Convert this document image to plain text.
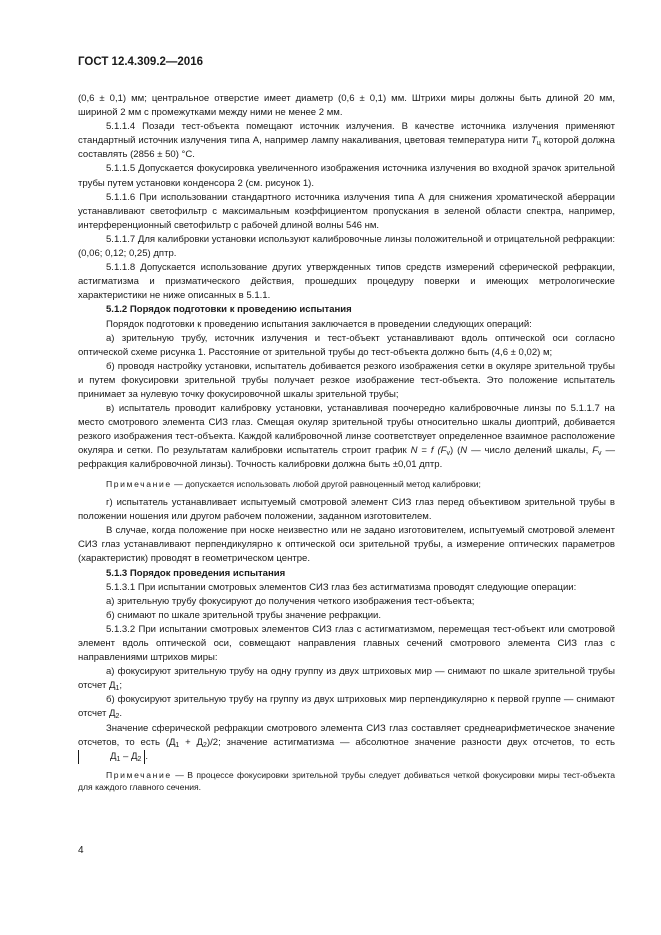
ГОСТ 12.4.309.2—2016

(0,6 ± 0,1) мм; центральное отверстие имеет диаметр (0,6 ± 0,1) мм. Штрихи миры должны быть длиной 20 мм, шириной 2 мм с промежутками между ними не менее 2 мм.

5.1.1.4 Позади тест-объекта помещают источник излучения. В качестве источника излучения применяют стандартный источник излучения типа А, например лампу накаливания, цветовая температура нити $T_ц$ которой должна составлять (2856 ± 50) °С.

5.1.1.5 Допускается фокусировка увеличенного изображения источника излучения во входной зрачок зрительной трубы путем установки конденсора 2 (см. рисунок 1).

5.1.1.6 При использовании стандартного источника излучения типа А для снижения хроматической аберрации устанавливают светофильтр с максимальным коэффициентом пропускания в зеленой области спектра, например, интерференционный светофильтр с рабочей длиной волны 546 нм.

5.1.1.7 Для калибровки установки используют калибровочные линзы положительной и отрицательной рефракции: (0,06; 0,12; 0,25) дптр.

5.1.1.8 Допускается использование других утвержденных типов средств измерений сферической рефракции, астигматизма и призматического действия, прошедших процедуру поверки и имеющих метрологические характеристики не ниже описанных в 5.1.1.

5.1.2 Порядок подготовки к проведению испытания

Порядок подготовки к проведению испытания заключается в проведении следующих операций:

а) зрительную трубу, источник излучения и тест-объект устанавливают вдоль оптической оси согласно оптической схеме рисунка 1. Расстояние от зрительной трубы до тест-объекта должно быть (4,6 ± 0,02) м;

б) проводя настройку установки, испытатель добивается резкого изображения сетки в окуляре зрительной трубы и путем фокусировки зрительной трубы получает резкое изображение тест-объекта. Это положение испытатель принимает за нулевую точку фокусировочной шкалы зрительной трубы;

в) испытатель проводит калибровку установки, устанавливая поочередно калибровочные линзы по 5.1.1.7 на место смотрового элемента СИЗ глаз. Смещая окуляр зрительной трубы относительно шкалы диоптрий, добивается резкого изображения тест-объекта. Каждой калибровочной линзе соответствует определенное взаимное расположение окуляра и сетки. По результатам калибровки испытатель строит график N = f $(F_v)$ (N — число делений шкалы, $F_v$ — рефракция калибровочной линзы). Точность калибровки должна быть ±0,01 дптр.

Примечание — допускается использовать любой другой равноценный метод калибровки;

г) испытатель устанавливает испытуемый смотровой элемент СИЗ глаз перед объективом зрительной трубы в положении ношения или другом рабочем положении, заданном изготовителем.

В случае, когда положение при носке неизвестно или не задано изготовителем, испытуемый смотровой элемент СИЗ глаз устанавливают перпендикулярно к оптической оси зрительной трубы, а измерение оптических параметров (характеристик) проводят в геометрическом центре.

5.1.3 Порядок проведения испытания

5.1.3.1 При испытании смотровых элементов СИЗ глаз без астигматизма проводят следующие операции:

а) зрительную трубу фокусируют до получения четкого изображения тест-объекта;

б) снимают по шкале зрительной трубы значение рефракции.

5.1.3.2 При испытании смотровых элементов СИЗ глаз с астигматизмом, перемещая тест-объект или смотровой элемент вдоль оптической оси, совмещают направления главных сечений смотрового элемента СИЗ глаз с направлениями штрихов миры:

а) фокусируют зрительную трубу на одну группу из двух штриховых мир — снимают по шкале зрительной трубы отсчет $Д_1$;

б) фокусируют зрительную трубу на группу из двух штриховых мир перпендикулярно к первой группе — снимают отсчет $Д_2$.

Значение сферической рефракции смотрового элемента СИЗ глаз составляет среднеарифметическое значение отсчетов, то есть $(Д_1 + Д_2)/2$; значение астигматизма — абсолютное значение разности двух отсчетов, то есть $Д_1 - Д_2$ .

Примечание — В процессе фокусировки зрительной трубы следует добиваться четкой фокусировки миры тест-объекта для каждого главного сечения.

4
